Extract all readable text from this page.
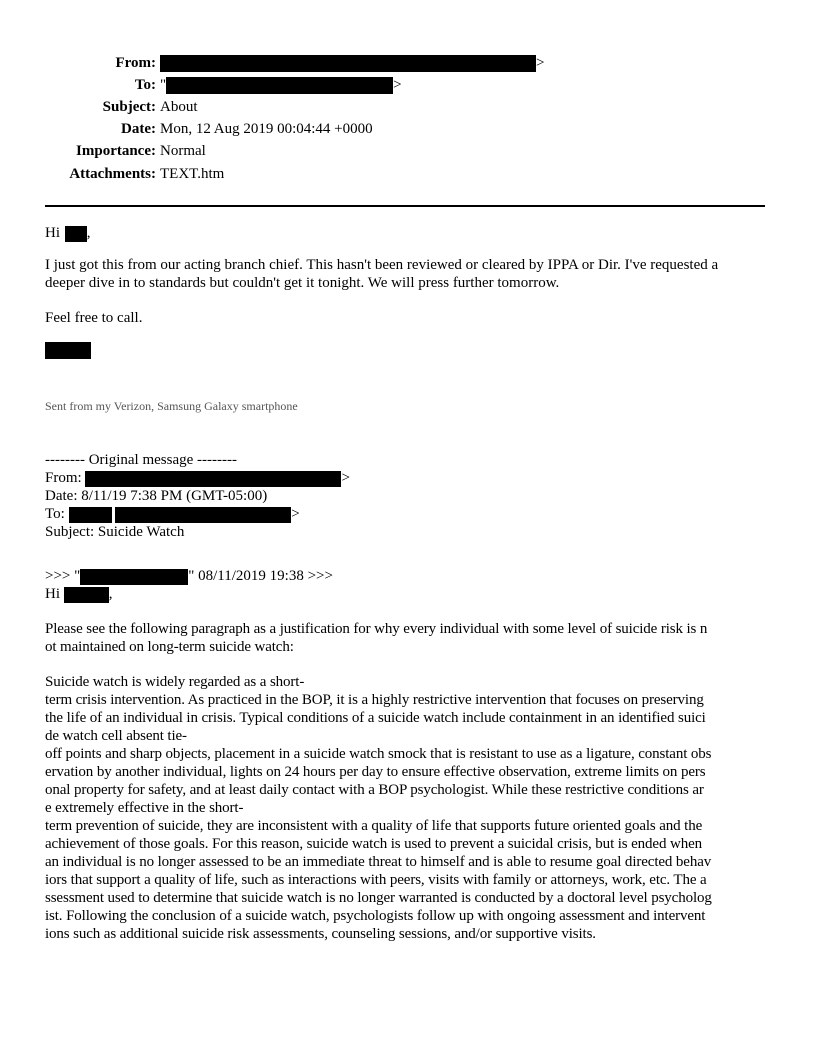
From:	>
To: "	>
Subject: About
Date: Mon, 12 Aug 2019 00:04:44 +0000
Importance: Normal
Attachments: TEXT.htm
Hi ,
I just got this from our acting branch chief. This hasn't been reviewed or cleared by IPPA or Dir. I've requested a
deeper dive in to standards but couldn't get it tonight. We will press further tomorrow.
Feel free to call.
Sent from my Verizon, Samsung Galaxy smartphone
-------- Original message --------
From:	>
Date: 8/11/19 7:38 PM (GMT-05:00)
To:	>
Subject: Suicide Watch
>>> "	" 08/11/2019 19:38 >>>
Hi	,
Please see the following paragraph as a justification for why every individual with some level of suicide risk is n
ot maintained on long-term suicide watch:
Suicide watch is widely regarded as a short-
term crisis intervention. As practiced in the BOP, it is a highly restrictive intervention that focuses on preserving
the life of an individual in crisis. Typical conditions of a suicide watch include containment in an identified suici
de watch cell absent tie-
off points and sharp objects, placement in a suicide watch smock that is resistant to use as a ligature, constant obs
ervation by another individual, lights on 24 hours per day to ensure effective observation, extreme limits on pers
onal property for safety, and at least daily contact with a BOP psychologist. While these restrictive conditions ar
e extremely effective in the short-
term prevention of suicide, they are inconsistent with a quality of life that supports future oriented goals and the
achievement of those goals. For this reason, suicide watch is used to prevent a suicidal crisis, but is ended when
an individual is no longer assessed to be an immediate threat to himself and is able to resume goal directed behav
iors that support a quality of life, such as interactions with peers, visits with family or attorneys, work, etc. The a
ssessment used to determine that suicide watch is no longer warranted is conducted by a doctoral level psycholog
ist. Following the conclusion of a suicide watch, psychologists follow up with ongoing assessment and intervent
ions such as additional suicide risk assessments, counseling sessions, and/or supportive visits.
